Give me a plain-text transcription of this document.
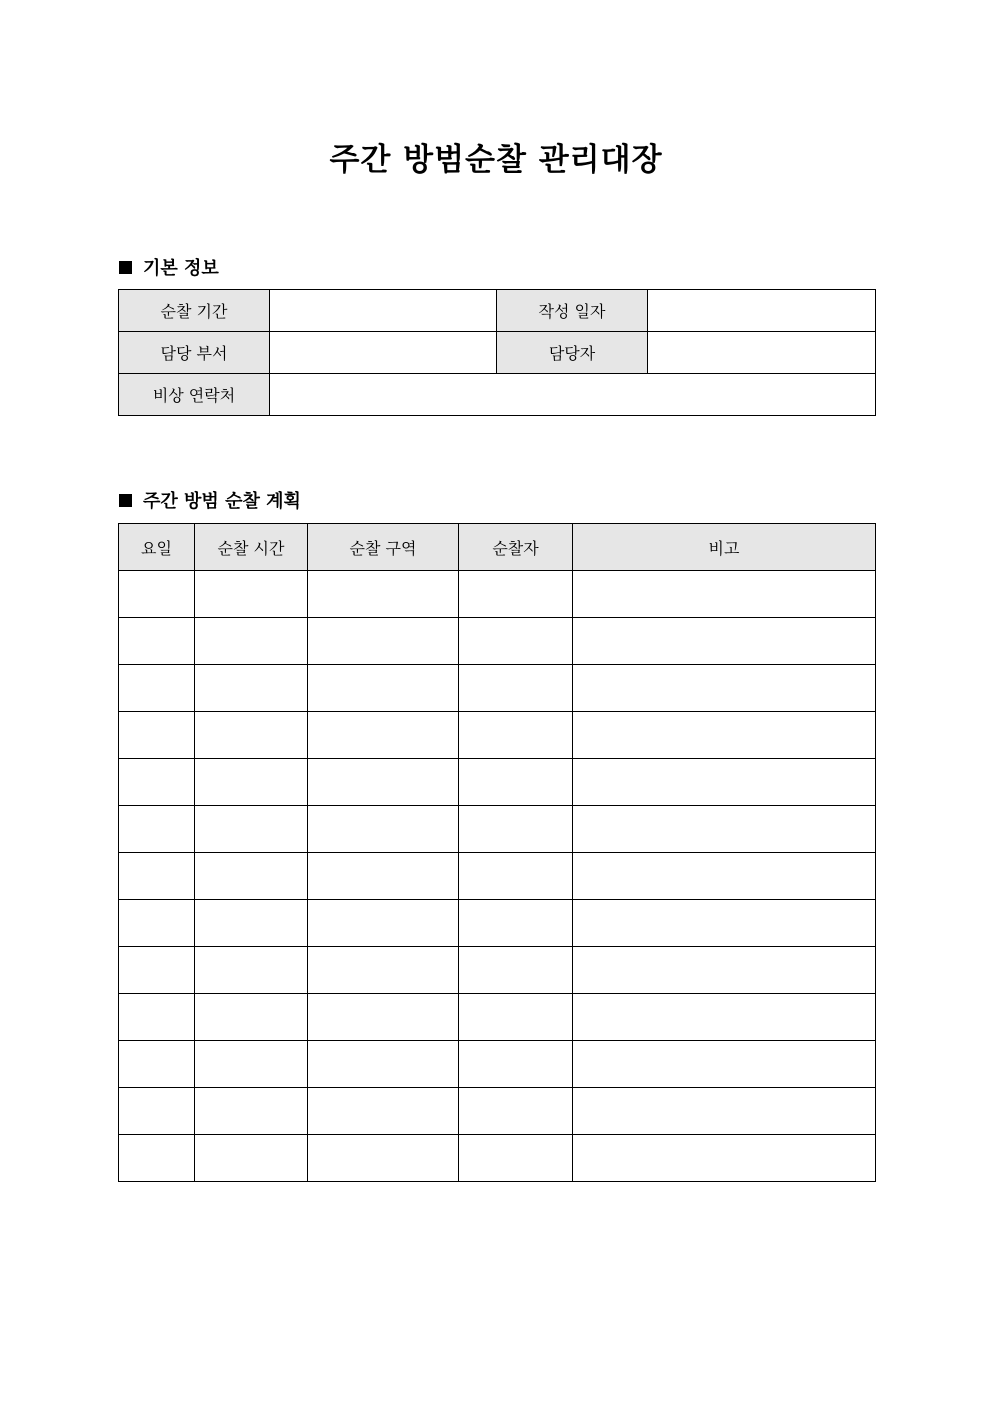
주간 방범순찰 관리대장
기본 정보
순찰 기간		작성 일자	
담당 부서		담당자	
비상 연락처			
주간 방범 순찰 계획
요일	순찰 시간	순찰 구역	순찰자	비고
